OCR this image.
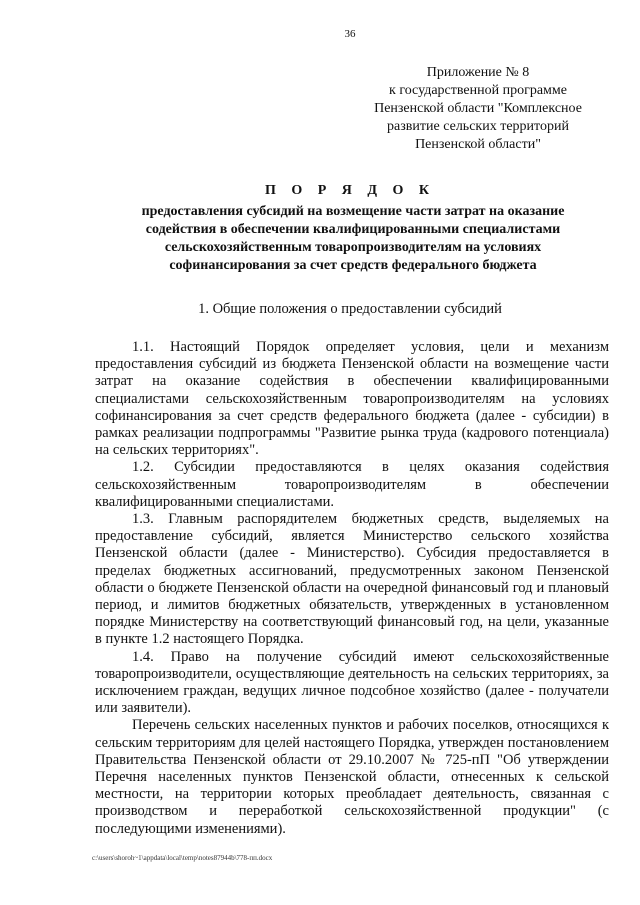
36
Приложение № 8
к государственной программе
Пензенской области "Комплексное
развитие сельских территорий
Пензенской области"
П О Р Я Д О К
предоставления субсидий на возмещение части затрат на оказание
содействия в обеспечении квалифицированными специалистами
сельскохозяйственным товаропроизводителям на условиях
софинансирования за счет средств федерального бюджета
1. Общие положения о предоставлении субсидий

1.1. Настоящий Порядок определяет условия, цели и механизм предоставления субсидий из бюджета Пензенской области на возмещение части затрат на оказание содействия в обеспечении квалифицированными специалистами сельскохозяйственным товаропроизводителям на условиях софинансирования за счет средств федерального бюджета (далее - субсидии) в рамках реализации подпрограммы "Развитие рынка труда (кадрового потенциала) на сельских территориях".

1.2. Субсидии предоставляются в целях оказания содействия сельскохозяйственным товаропроизводителям в обеспечении квалифицированными специалистами.

1.3. Главным распорядителем бюджетных средств, выделяемых на предоставление субсидий, является Министерство сельского хозяйства Пензенской области (далее - Министерство). Субсидия предоставляется в пределах бюджетных ассигнований, предусмотренных законом Пензенской области о бюджете Пензенской области на очередной финансовый год и плановый период, и лимитов бюджетных обязательств, утвержденных в установленном порядке Министерству на соответствующий финансовый год, на цели, указанные в пункте 1.2 настоящего Порядка.

1.4. Право на получение субсидий имеют сельскохозяйственные товаропроизводители, осуществляющие деятельность на сельских территориях, за исключением граждан, ведущих личное подсобное хозяйство (далее - получатели или заявители).

Перечень сельских населенных пунктов и рабочих поселков, относящихся к сельским территориям для целей настоящего Порядка, утвержден постановлением Правительства Пензенской области от 29.10.2007 № 725-пП "Об утверждении Перечня населенных пунктов Пензенской области, отнесенных к сельской местности, на территории которых преобладает деятельность, связанная с производством и переработкой сельскохозяйственной продукции" (с последующими изменениями).

c:\users\shoroh~1\appdata\local\temp\notes87944b\778-пп.docx
